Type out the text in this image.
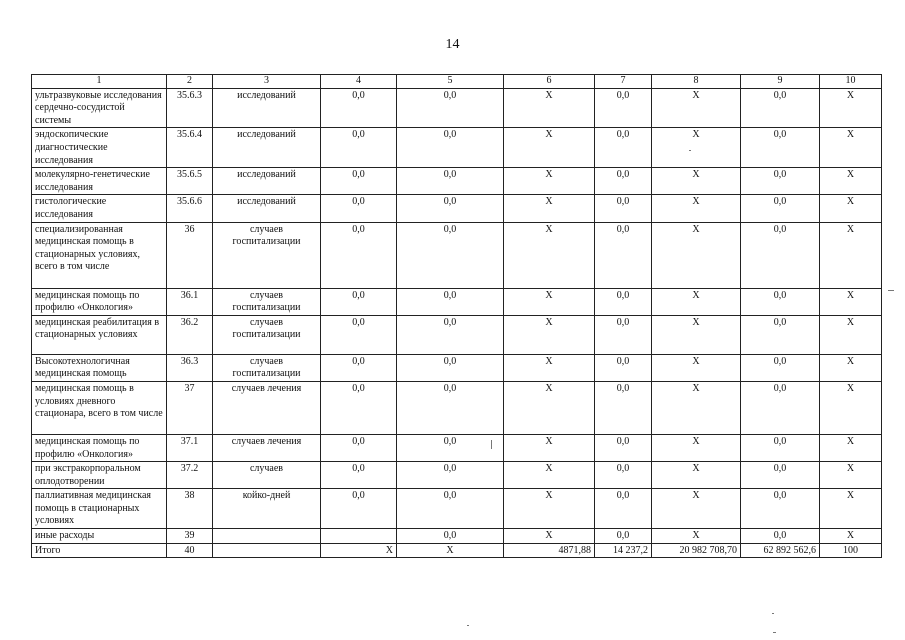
14
1	2	3	4	5	6	7	8	9	10
ультразвуковые исследования сердечно-сосудистой системы	35.6.3	исследований	0,0	0,0	X	0,0	X	0,0	X
эндоскопические диагностические исследования	35.6.4	исследований	0,0	0,0	X	0,0	X	0,0	X
молекулярно-генетические исследования	35.6.5	исследований	0,0	0,0	X	0,0	X	0,0	X
гистологические исследования	35.6.6	исследований	0,0	0,0	X	0,0	X	0,0	X
специализированная медицинская помощь в стационарных условиях, всего в том числе	36	случаев госпитализации	0,0	0,0	X	0,0	X	0,0	X
медицинская помощь по профилю «Онкология»	36.1	случаев госпитализации	0,0	0,0	X	0,0	X	0,0	X
медицинская реабилитация в стационарных условиях	36.2	случаев госпитализации	0,0	0,0	X	0,0	X	0,0	X
Высокотехнологичная медицинская помощь	36.3	случаев госпитализации	0,0	0,0	X	0,0	X	0,0	X
медицинская помощь в условиях дневного стационара, всего в том числе	37	случаев лечения	0,0	0,0	X	0,0	X	0,0	X
медицинская помощь по профилю «Онкология»	37.1	случаев лечения	0,0	0,0	X	0,0	X	0,0	X
при экстракорпоральном оплодотворении	37.2	случаев	0,0	0,0	X	0,0	X	0,0	X
паллиативная медицинская помощь в стационарных условиях	38	койко-дней	0,0	0,0	X	0,0	X	0,0	X
иные расходы	39			0,0	X	0,0	X	0,0	X
Итого	40		X	X	4871,88	14 237,2	20 982 708,70	62 892 562,6	100
